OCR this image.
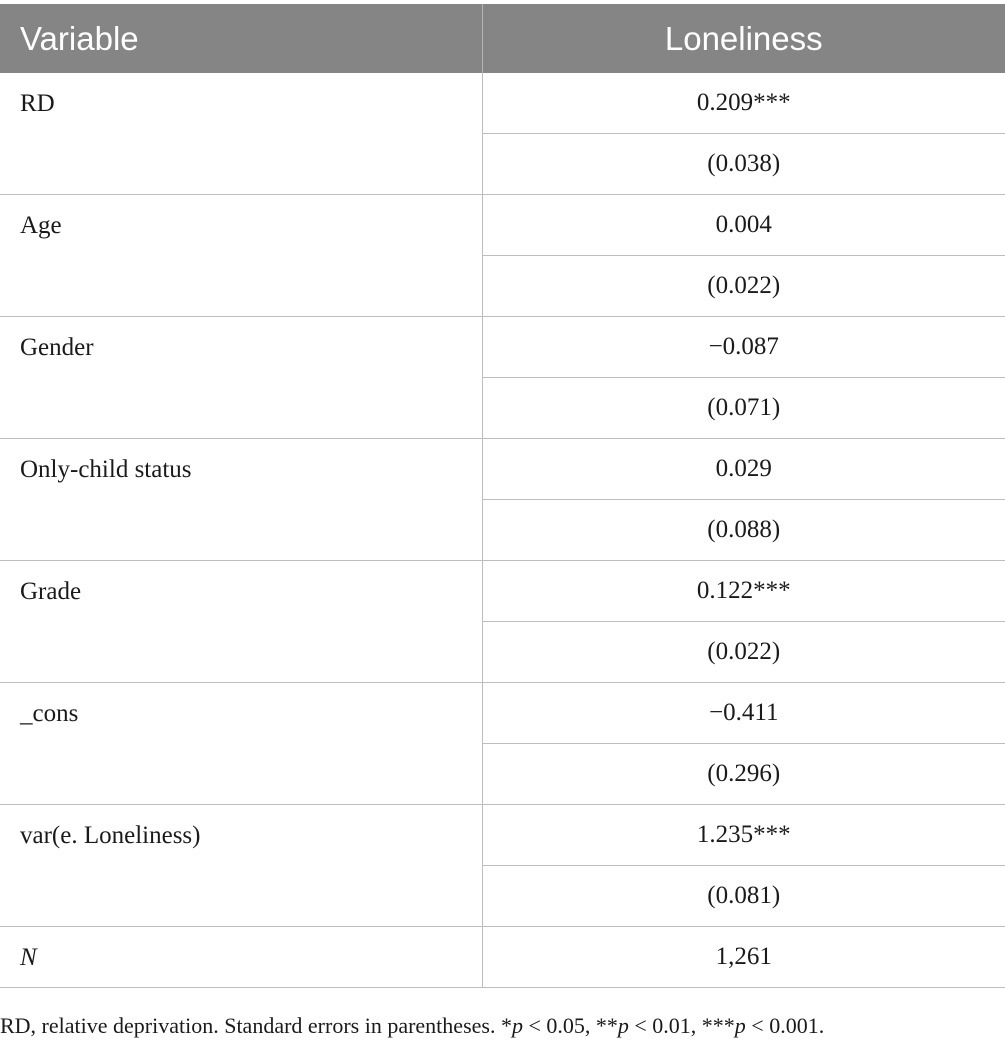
Variable	Loneliness
RD	0.209***
	(0.038)
Age	0.004
	(0.022)
Gender	−0.087
	(0.071)
Only-child status	0.029
	(0.088)
Grade	0.122***
	(0.022)
_cons	−0.411
	(0.296)
var(e. Loneliness)	1.235***
	(0.081)
N	1,261
RD, relative deprivation. Standard errors in parentheses. *p < 0.05, **p < 0.01, ***p < 0.001.
